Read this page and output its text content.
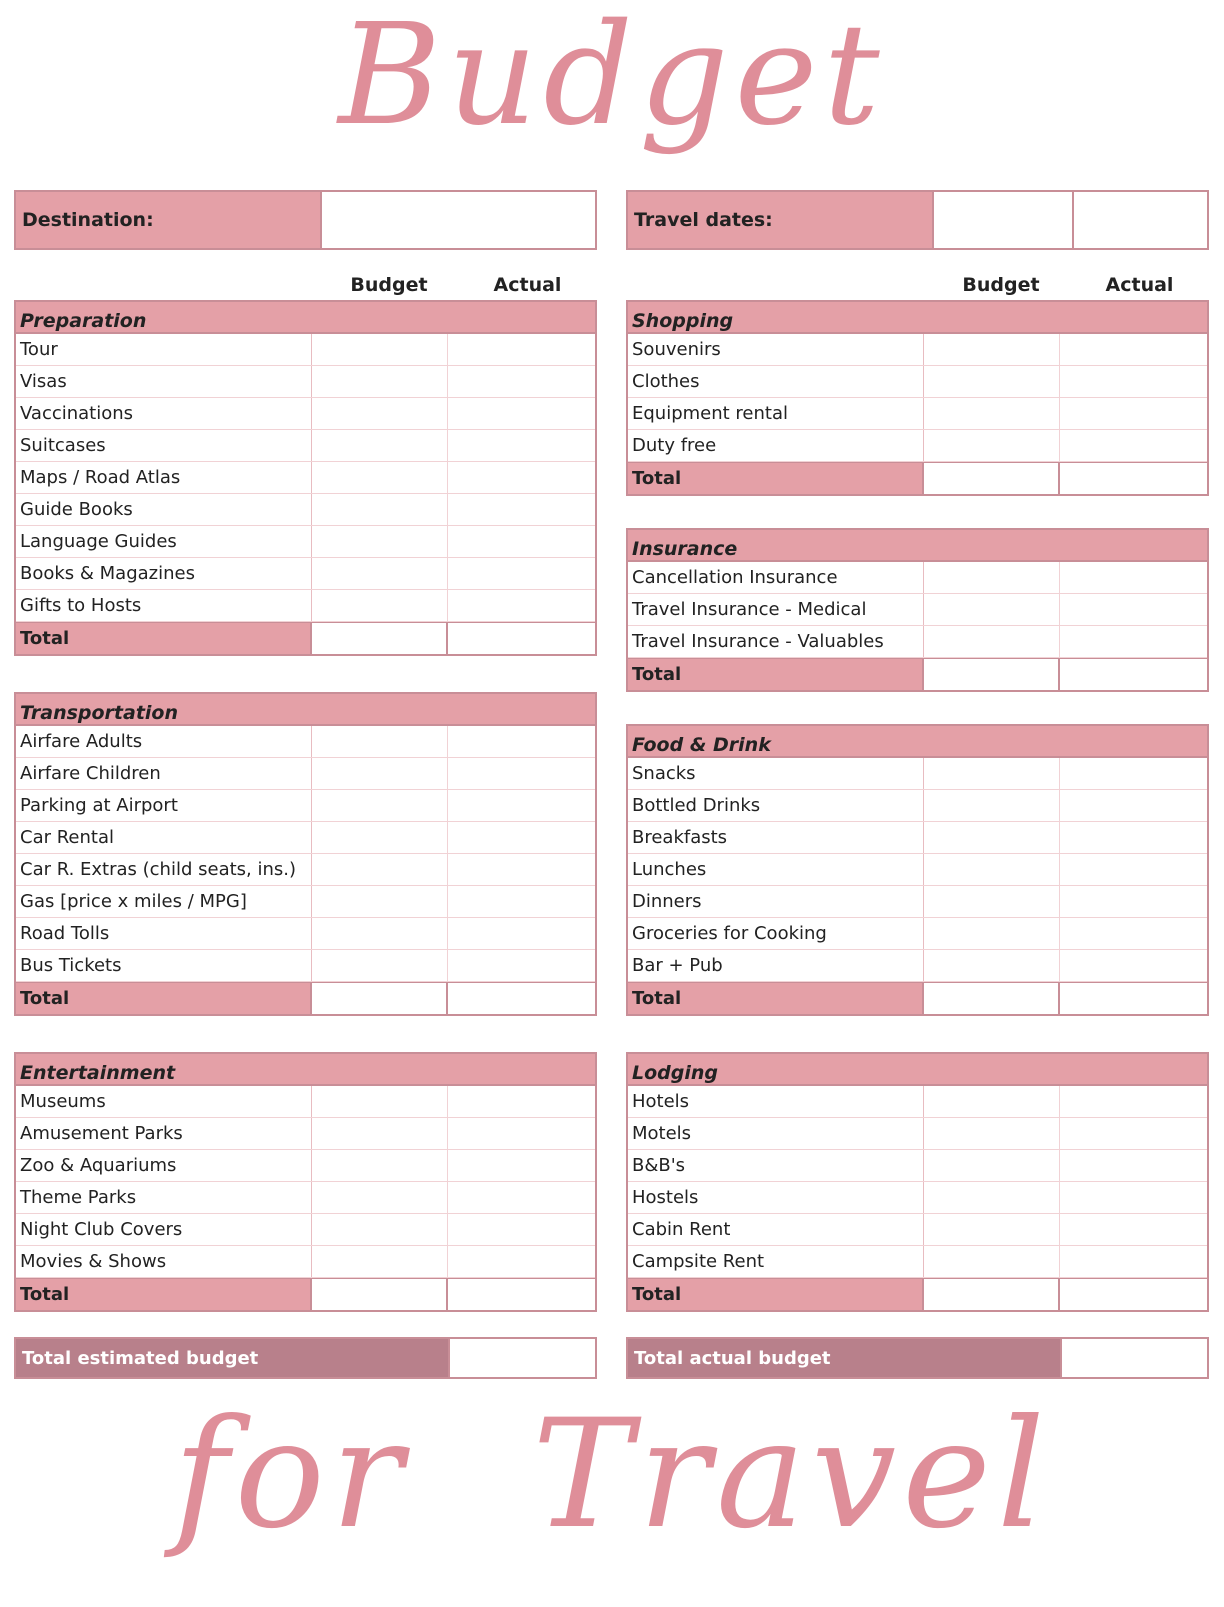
Budget
Destination:	Travel dates:
Budget	Actual	Budget	Actual
Preparation
Tour
Visas
Vaccinations
Suitcases
Maps / Road Atlas
Guide Books
Language Guides
Books & Magazines
Gifts to Hosts
Total
Transportation
Airfare Adults
Airfare Children
Parking at Airport
Car Rental
Car R. Extras (child seats, ins.)
Gas [price x miles / MPG]
Road Tolls
Bus Tickets
Total
Entertainment
Museums
Amusement Parks
Zoo & Aquariums
Theme Parks
Night Club Covers
Movies & Shows
Total
Shopping
Souvenirs
Clothes
Equipment rental
Duty free
Total
Insurance
Cancellation Insurance
Travel Insurance - Medical
Travel Insurance - Valuables
Total
Food & Drink
Snacks
Bottled Drinks
Breakfasts
Lunches
Dinners
Groceries for Cooking
Bar + Pub
Total
Lodging
Hotels
Motels
B&B's
Hostels
Cabin Rent
Campsite Rent
Total
Total estimated budget	Total actual budget
for Travel
